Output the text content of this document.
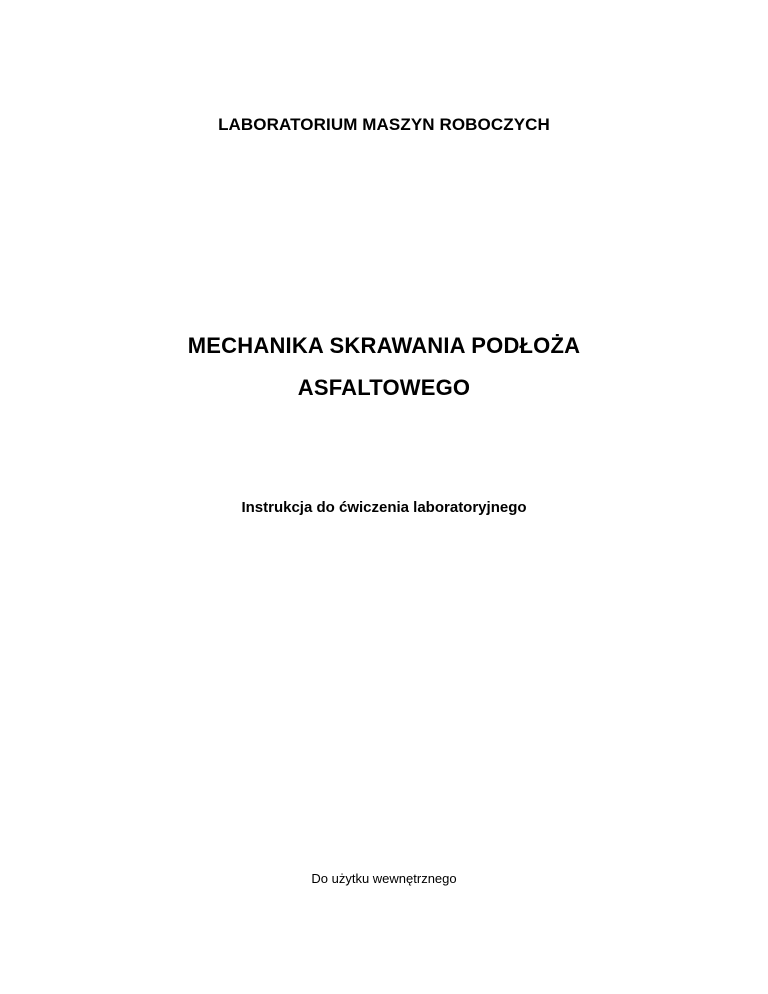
LABORATORIUM MASZYN ROBOCZYCH
MECHANIKA SKRAWANIA PODŁOŻA
ASFALTOWEGO
Instrukcja do ćwiczenia laboratoryjnego
Do użytku wewnętrznego
